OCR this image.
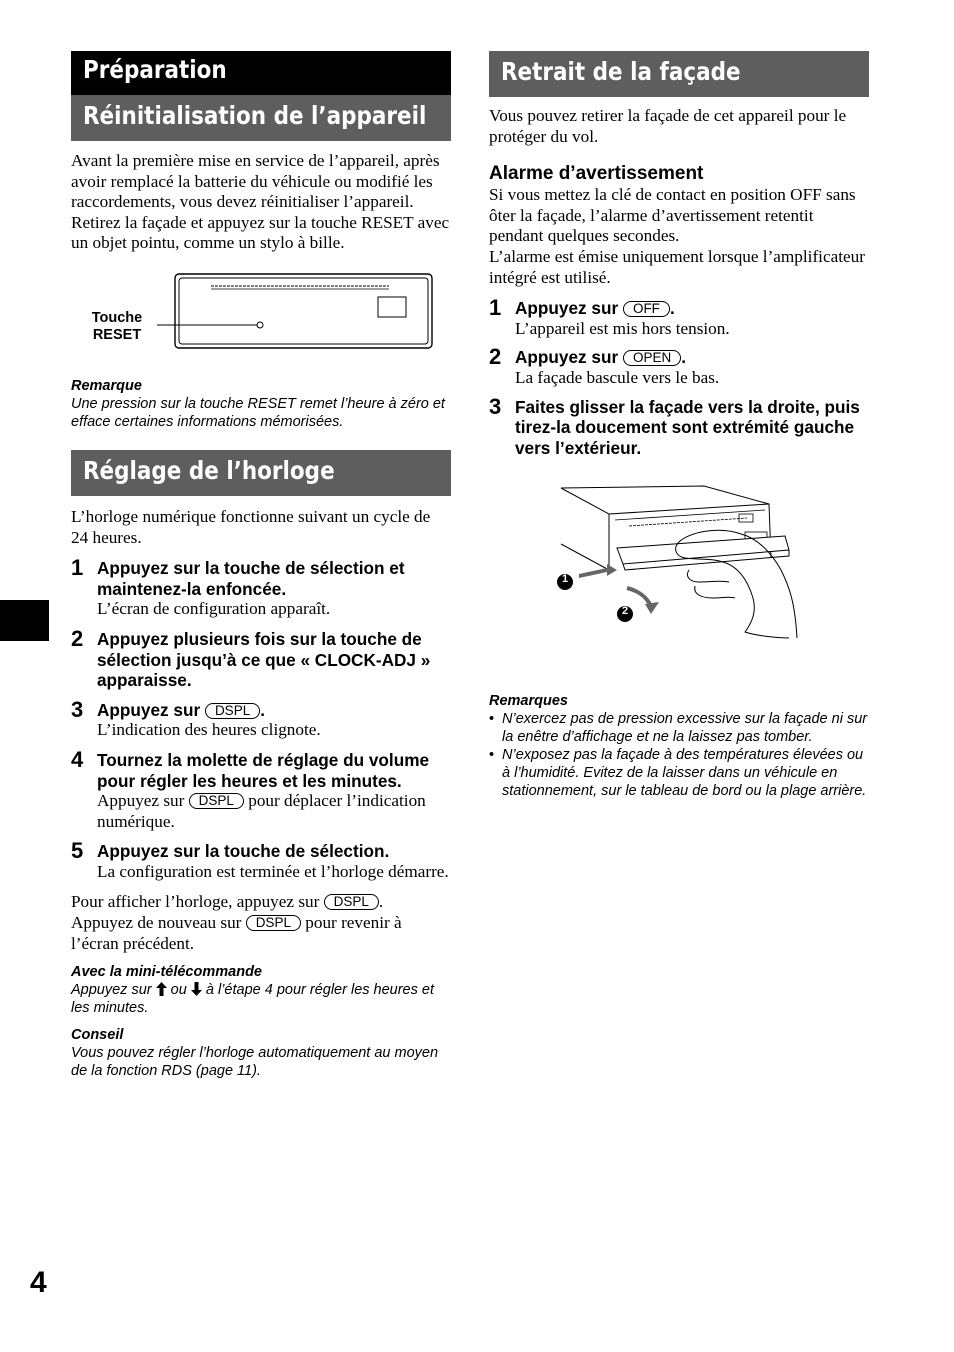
Préparation
Réinitialisation de l’appareil
Avant la première mise en service de l’appareil, après avoir remplacé la batterie du véhicule ou modifié les raccordements, vous devez réinitialiser l’appareil.
Retirez la façade et appuyez sur la touche RESET avec un objet pointu, comme un stylo à bille.
Touche
RESET
Remarque
Une pression sur la touche RESET remet l’heure à zéro et efface certaines informations mémorisées.
Réglage de l’horloge
L’horloge numérique fonctionne suivant un cycle de 24 heures.
1 Appuyez sur la touche de sélection et maintenez-la enfoncée.
L’écran de configuration apparaît.
2 Appuyez plusieurs fois sur la touche de sélection jusqu’à ce que « CLOCK-ADJ » apparaisse.
3 Appuyez sur DSPL .
L’indication des heures clignote.
4 Tournez la molette de réglage du volume pour régler les heures et les minutes.
Appuyez sur DSPL pour déplacer l’indication numérique.
5 Appuyez sur la touche de sélection.
La configuration est terminée et l’horloge démarre.
Pour afficher l’horloge, appuyez sur DSPL .
Appuyez de nouveau sur DSPL pour revenir à l’écran précédent.
Avec la mini-télécommande
Appuyez sur ou à l’étape 4 pour régler les heures et les minutes.
Conseil
Vous pouvez régler l’horloge automatiquement au moyen de la fonction RDS (page 11).
Retrait de la façade
Vous pouvez retirer la façade de cet appareil pour le protéger du vol.
Alarme d’avertissement
Si vous mettez la clé de contact en position OFF sans ôter la façade, l’alarme d’avertissement retentit pendant quelques secondes.
L’alarme est émise uniquement lorsque l’amplificateur intégré est utilisé.
1 Appuyez sur OFF .
L’appareil est mis hors tension.
2 Appuyez sur OPEN .
La façade bascule vers le bas.
3 Faites glisser la façade vers la droite, puis tirez-la doucement sont extrémité gauche vers l’extérieur.
1
2
Remarques
• N’exercez pas de pression excessive sur la façade ni sur la enêtre d’affichage et ne la laissez pas tomber.
• N’exposez pas la façade à des températures élevées ou à l’humidité. Evitez de la laisser dans un véhicule en stationnement, sur le tableau de bord ou la plage arrière.
4
